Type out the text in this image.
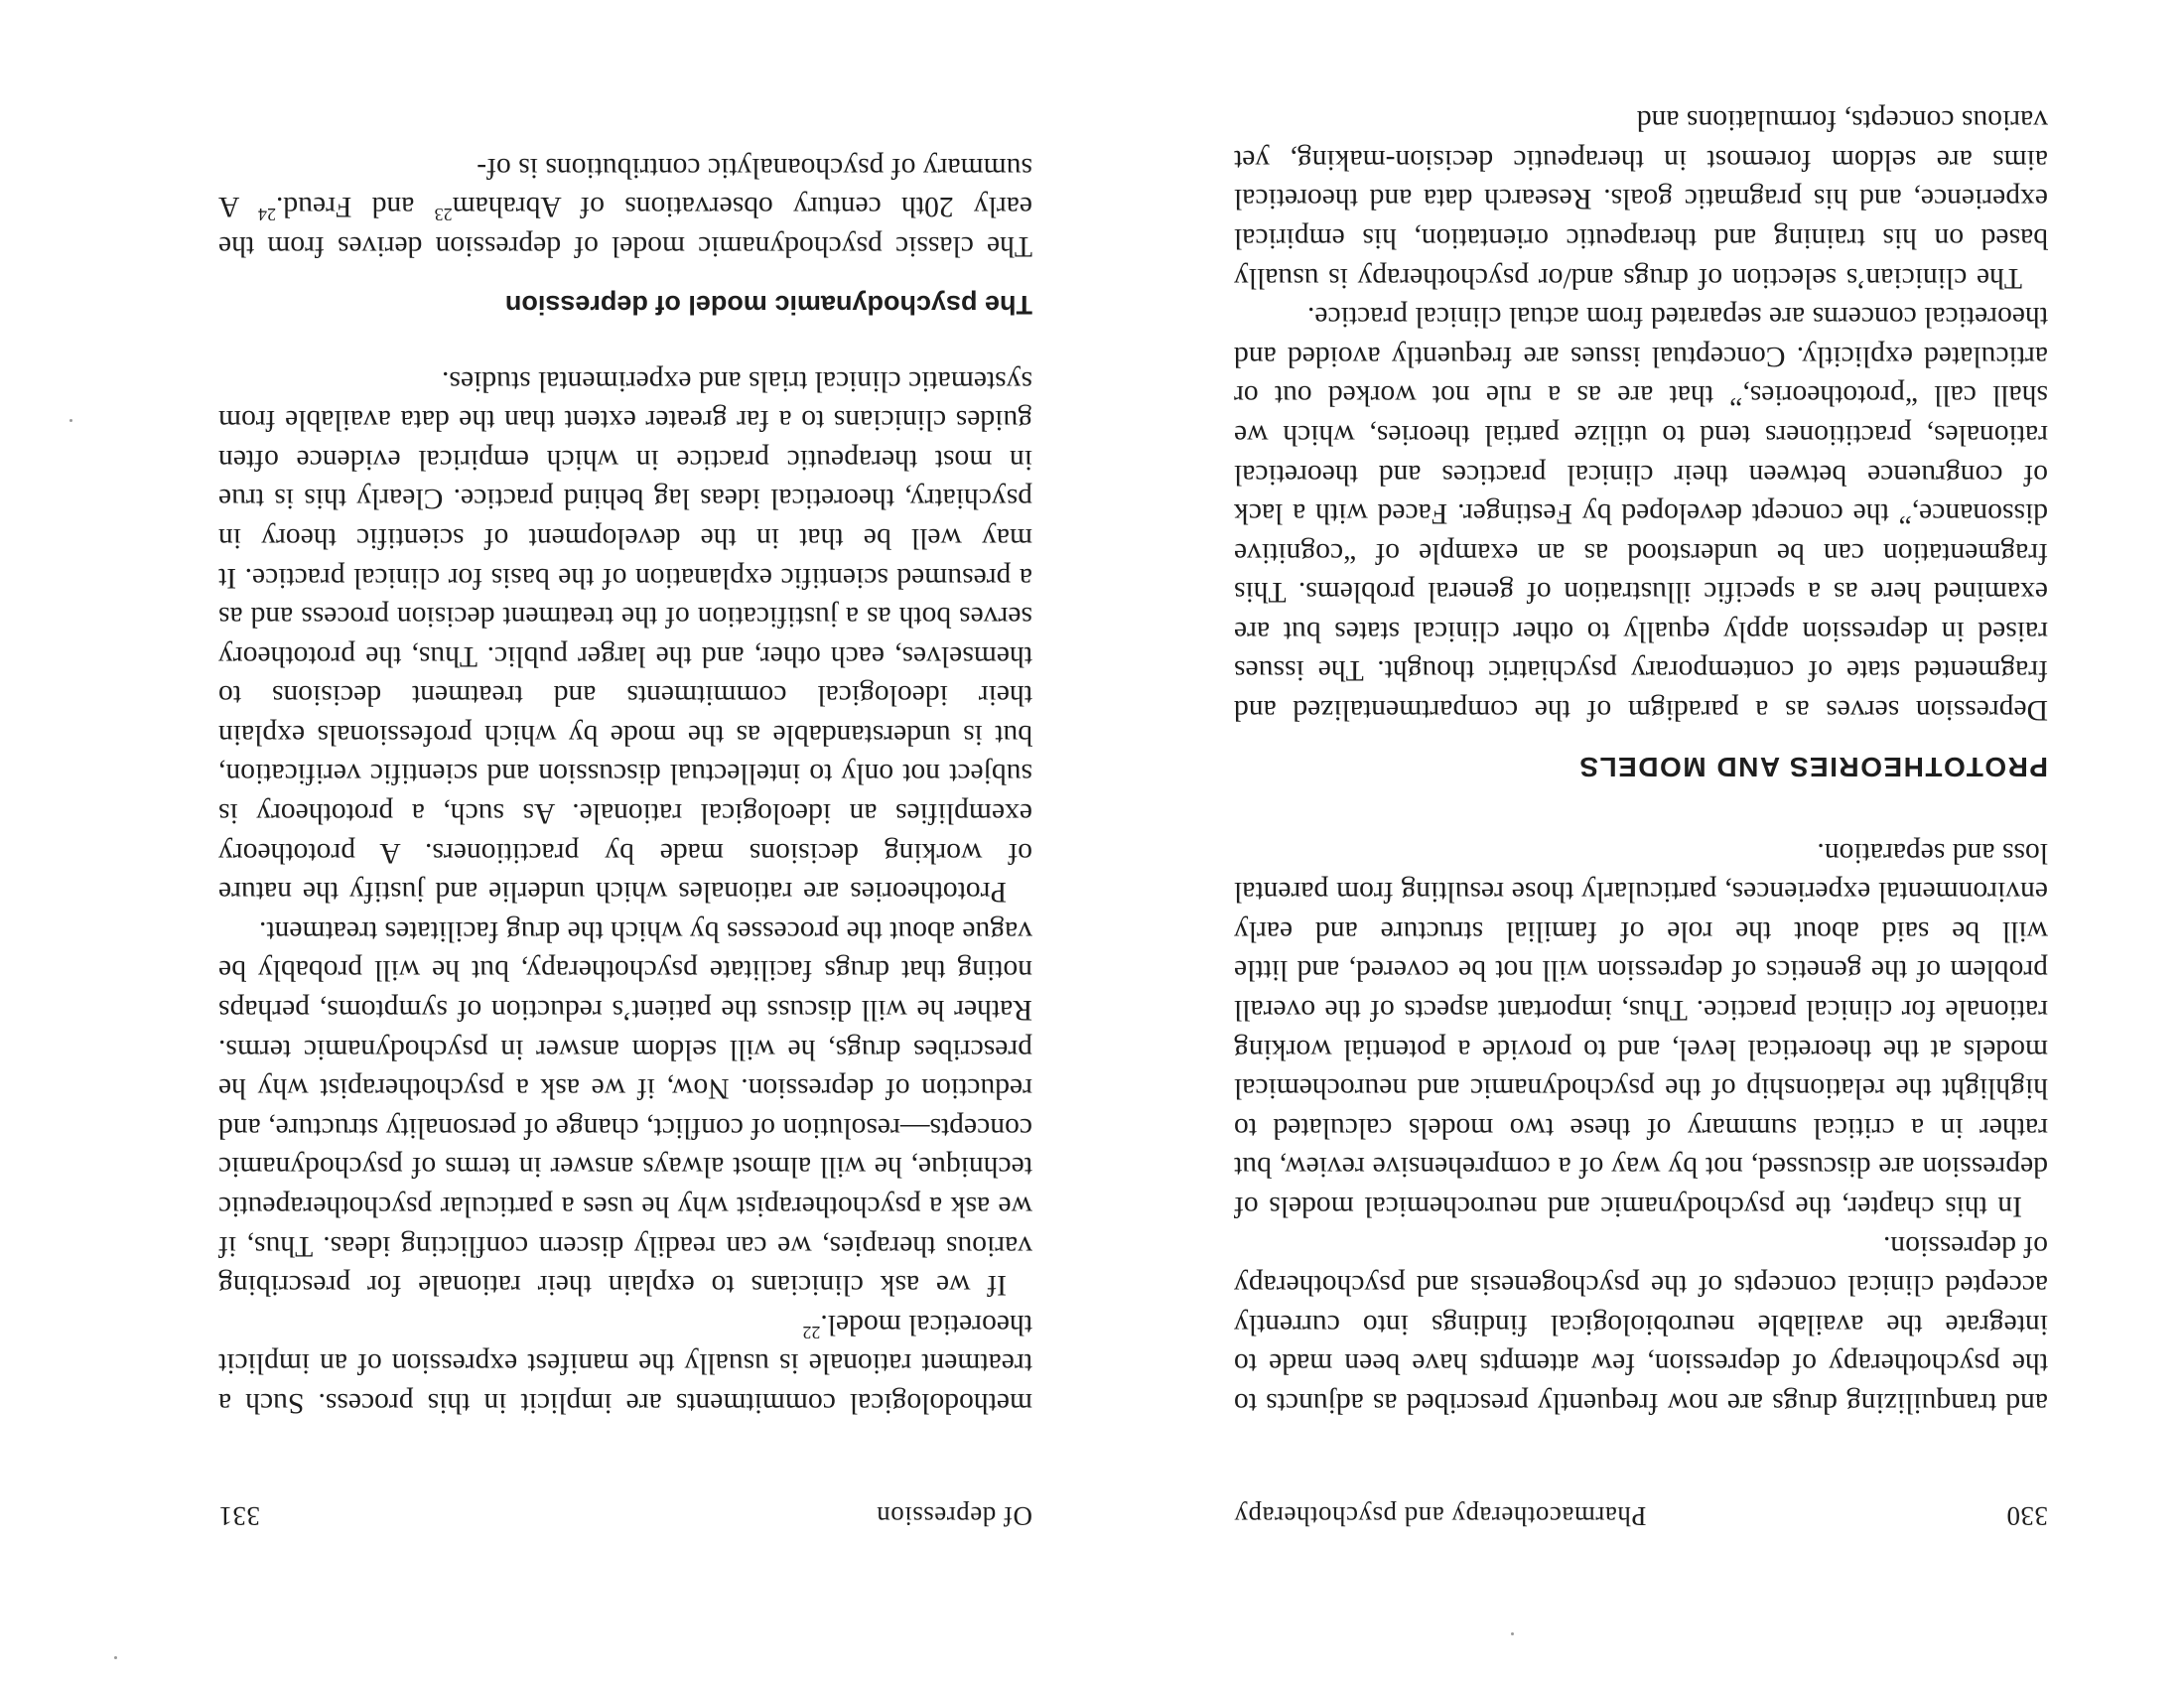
330
Pharmacotherapy and psychotherapy

and tranquilizing drugs are now frequently prescribed as adjuncts to the psychotherapy of depression, few attempts have been made to integrate the available neurobiological findings into currently accepted clinical concepts of the psychogenesis and psychotherapy of depression.

In this chapter, the psychodynamic and neurochemical models of depression are discussed, not by way of a comprehensive review, but rather in a critical summary of these two models calculated to highlight the relationship of the psychodynamic and neurochemical models at the theoretical level, and to provide a potential working rationale for clinical practice. Thus, important aspects of the overall problem of the genetics of depression will not be covered, and little will be said about the role of familial structure and early environmental experiences, particularly those resulting from parental loss and separation.

PROTOTHEORIES AND MODELS

Depression serves as a paradigm of the compartmentalized and fragmented state of contemporary psychiatric thought. The issues raised in depression apply equally to other clinical states but are examined here as a specific illustration of general problems. This fragmentation can be understood as an example of “cognitive dissonance,” the concept developed by Festinger. Faced with a lack of congruence between their clinical practices and theoretical rationales, practitioners tend to utilize partial theories, which we shall call “prototheories,” that are as a rule not worked out or articulated explicitly. Conceptual issues are frequently avoided and theoretical concerns are separated from actual clinical practice.

The clinician’s selection of drugs and/or psychotherapy is usually based on his training and therapeutic orientation, his empirical experience, and his pragmatic goals. Research data and theoretical aims are seldom foremost in therapeutic decision-making, yet various concepts, formulations and

Of depression
331

methodological commitments are implicit in this process. Such a treatment rationale is usually the manifest expression of an implicit theoretical model.$^{22}$

If we ask clinicians to explain their rationale for prescribing various therapies, we can readily discern conflicting ideas. Thus, if we ask a psychotherapist why he uses a particular psychotherapeutic technique, he will almost always answer in terms of psychodynamic concepts—resolution of conflict, change of personality structure, and reduction of depression. Now, if we ask a psychotherapist why he prescribes drugs, he will seldom answer in psychodynamic terms. Rather he will discuss the patient’s reduction of symptoms, perhaps noting that drugs facilitate psychotherapy, but he will probably be vague about the processes by which the drug facilitates treatment.

Prototheories are rationales which underlie and justify the nature of working decisions made by practitioners. A prototheory exemplifies an ideological rationale. As such, a prototheory is subject not only to intellectual discussion and scientific verification, but is understandable as the mode by which professionals explain their ideological commitments and treatment decisions to themselves, each other, and the larger public. Thus, the prototheory serves both as a justification of the treatment decision process and as a presumed scientific explanation of the basis for clinical practice. It may well be that in the development of scientific theory in psychiatry, theoretical ideas lag behind practice. Clearly this is true in most therapeutic practice in which empirical evidence often guides clinicians to a far greater extent than the data available from systematic clinical trials and experimental studies.

The psychodynamic model of depression

The classic psychodynamic model of depression derives from the early 20th century observations of Abraham$^{23}$ and Freud.$^{24}$ A summary of psychoanalytic contributions is of-
